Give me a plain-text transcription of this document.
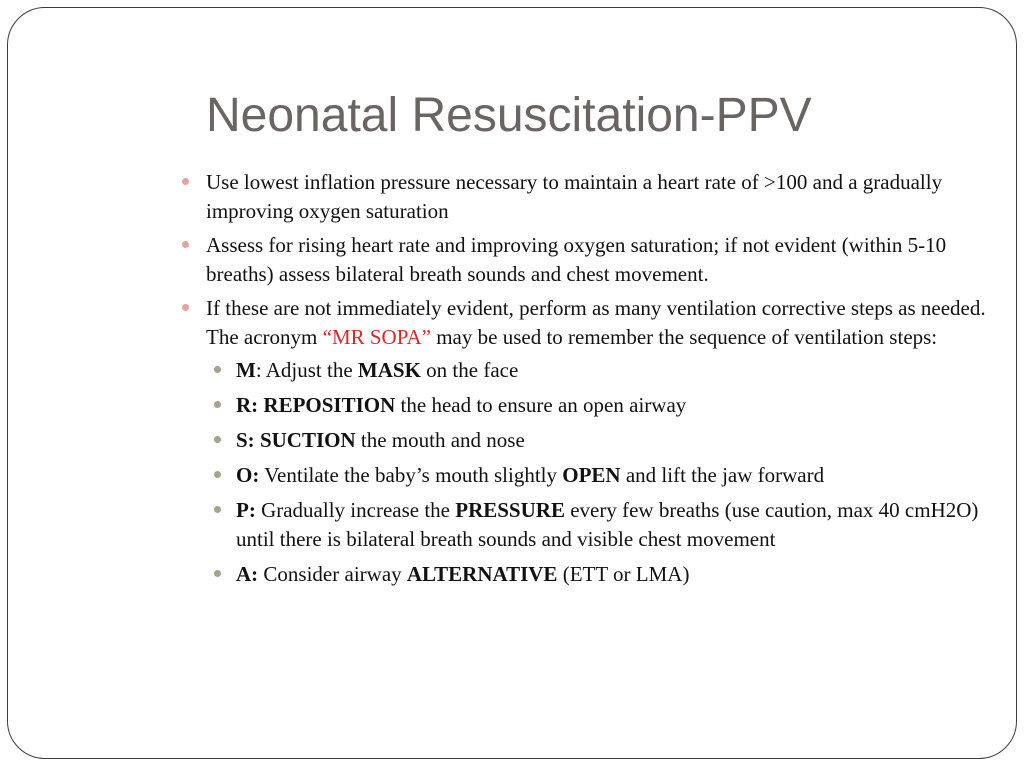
Neonatal Resuscitation-PPV
Use lowest inflation pressure necessary to maintain a heart rate of >100 and a gradually improving oxygen saturation
Assess for rising heart rate and improving oxygen saturation; if not evident (within 5-10 breaths) assess bilateral breath sounds and chest movement.
If these are not immediately evident, perform as many ventilation corrective steps as needed. The acronym “MR SOPA” may be used to remember the sequence of ventilation steps:
M: Adjust the MASK on the face
R: REPOSITION the head to ensure an open airway
S: SUCTION the mouth and nose
O: Ventilate the baby’s mouth slightly OPEN and lift the jaw forward
P: Gradually increase the PRESSURE every few breaths (use caution, max 40 cmH2O) until there is bilateral breath sounds and visible chest movement
A: Consider airway ALTERNATIVE (ETT or LMA)
